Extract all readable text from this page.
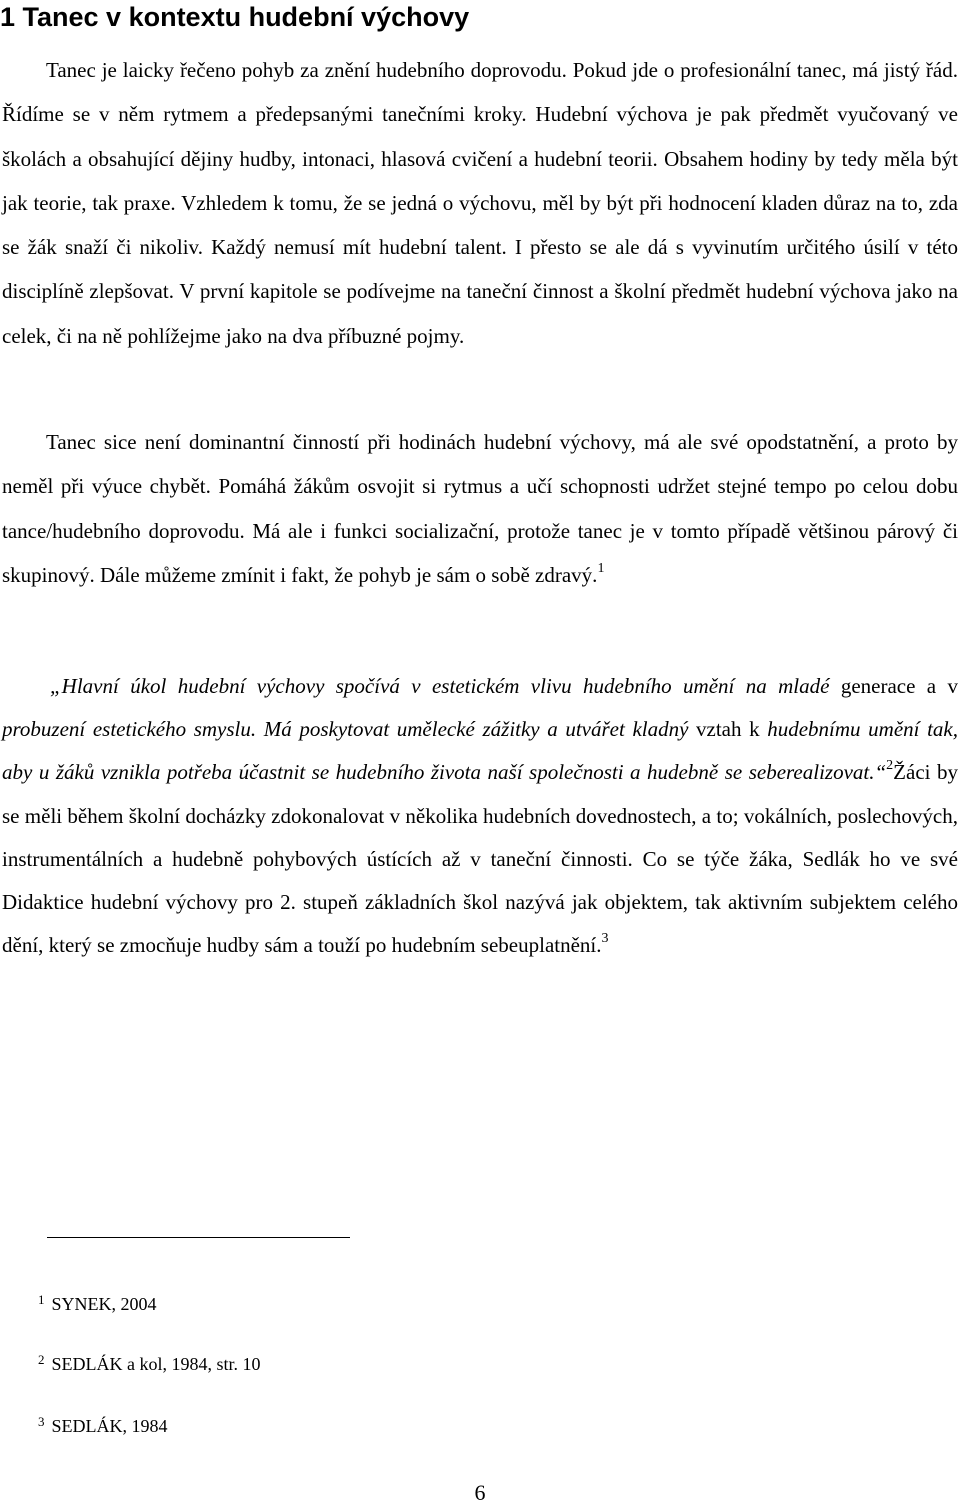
1 Tanec v kontextu hudební výchovy

Tanec je laicky řečeno pohyb za znění hudebního doprovodu. Pokud jde o profesionální tanec, má jistý řád. Řídíme se v něm rytmem a předepsanými tanečními kroky. Hudební výchova je pak předmět vyučovaný ve školách a obsahující dějiny hudby, intonaci, hlasová cvičení a hudební teorii. Obsahem hodiny by tedy měla být jak teorie, tak praxe. Vzhledem k tomu, že se jedná o výchovu, měl by být při hodnocení kladen důraz na to, zda se žák snaží či nikoliv. Každý nemusí mít hudební talent. I přesto se ale dá s vyvinutím určitého úsilí v této disciplíně zlepšovat. V první kapitole se podívejme na taneční činnost a školní předmět hudební výchova jako na celek, či na ně pohlížejme jako na dva příbuzné pojmy.

Tanec sice není dominantní činností při hodinách hudební výchovy, má ale své opodstatnění, a proto by neměl při výuce chybět. Pomáhá žákům osvojit si rytmus a učí schopnosti udržet stejné tempo po celou dobu tance/hudebního doprovodu. Má ale i funkci socializační, protože tanec je v tomto případě většinou párový či skupinový. Dále můžeme zmínit i fakt, že pohyb je sám o sobě zdravý.$^1$

„Hlavní úkol hudební výchovy spočívá v estetickém vlivu hudebního umění na mladé generace a v probuzení estetického smyslu. Má poskytovat umělecké zážitky a utvářet kladný vztah k hudebnímu umění tak, aby u žáků vznikla potřeba účastnit se hudebního života naší společnosti a hudebně se seberealizovat.“$^2$Žáci by se měli během školní docházky zdokonalovat v několika hudebních dovednostech, a to; vokálních, poslechových, instrumentálních a hudebně pohybových ústících až v taneční činnosti. Co se týče žáka, Sedlák ho ve své Didaktice hudební výchovy pro 2. stupeň základních škol nazývá jak objektem, tak aktivním subjektem celého dění, který se zmocňuje hudby sám a touží po hudebním sebeuplatnění.$^3$

$^1$ SYNEK, 2004

$^2$ SEDLÁK a kol, 1984, str. 10

$^3$ SEDLÁK, 1984

6
